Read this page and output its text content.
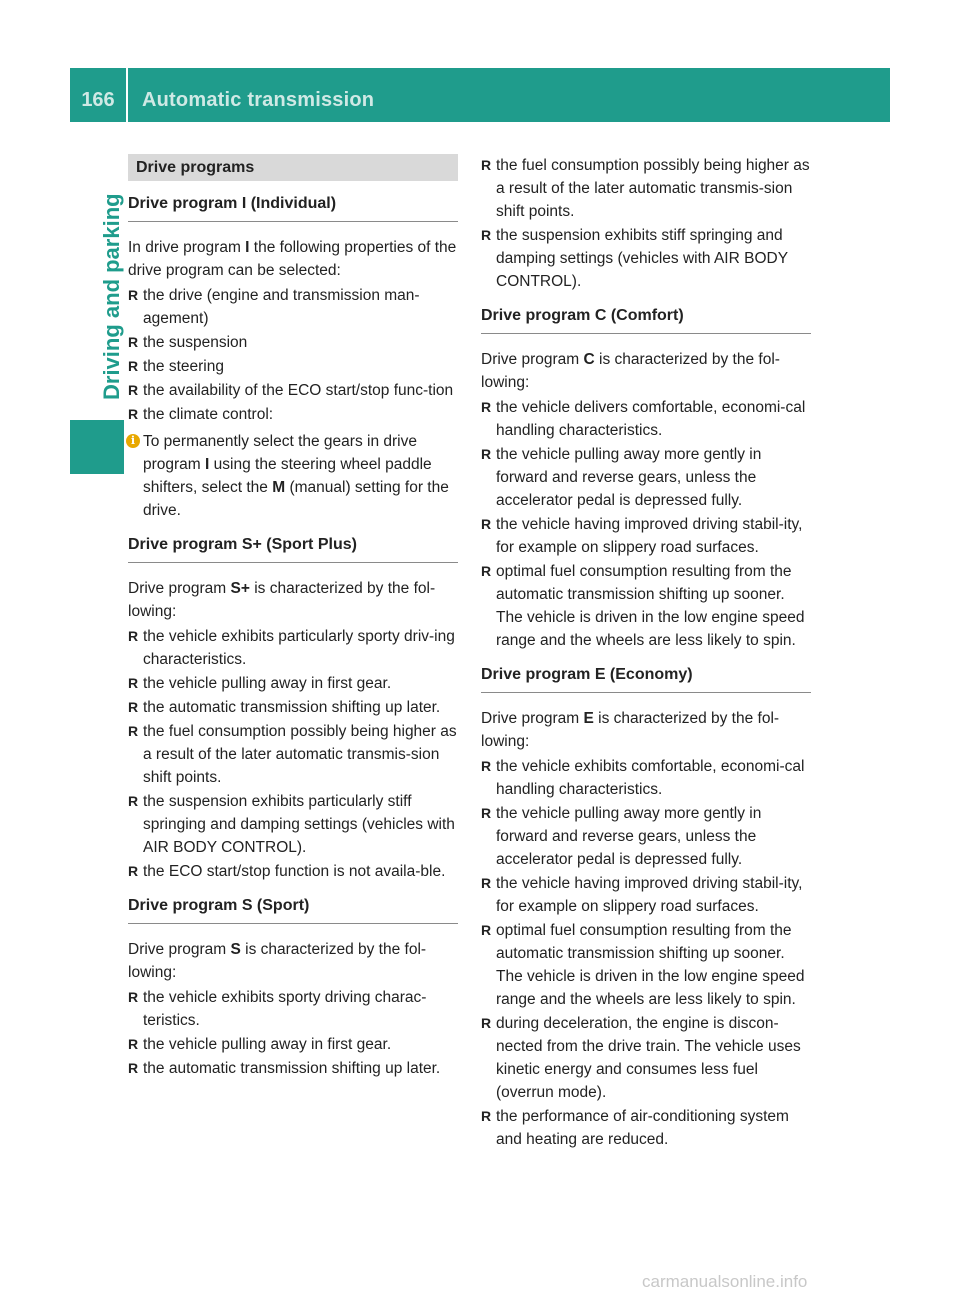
166	Automatic transmission
Driving and parking
Drive programs
Drive program I (Individual)

In drive program I the following properties of the drive program can be selected:

R the drive (engine and transmission man-agement)
R the suspension
R the steering
R the availability of the ECO start/stop func-tion
R the climate control:
i To permanently select the gears in drive program I using the steering wheel paddle shifters, select the M (manual) setting for the drive.
Drive program S+ (Sport Plus)

Drive program S+ is characterized by the fol-lowing:

R the vehicle exhibits particularly sporty driv-ing characteristics.
R the vehicle pulling away in first gear.
R the automatic transmission shifting up later.
R the fuel consumption possibly being higher as a result of the later automatic transmis-sion shift points.
R the suspension exhibits particularly stiff springing and damping settings (vehicles with AIR BODY CONTROL).
R the ECO start/stop function is not availa-ble.
Drive program S (Sport)

Drive program S is characterized by the fol-lowing:

R the vehicle exhibits sporty driving charac-teristics.
R the vehicle pulling away in first gear.
R the automatic transmission shifting up later.
R the fuel consumption possibly being higher as a result of the later automatic transmis-sion shift points.
R the suspension exhibits stiff springing and damping settings (vehicles with AIR BODY CONTROL).
Drive program C (Comfort)

Drive program C is characterized by the fol-lowing:

R the vehicle delivers comfortable, economi-cal handling characteristics.
R the vehicle pulling away more gently in forward and reverse gears, unless the accelerator pedal is depressed fully.
R the vehicle having improved driving stabil-ity, for example on slippery road surfaces.
R optimal fuel consumption resulting from the automatic transmission shifting up sooner. The vehicle is driven in the low engine speed range and the wheels are less likely to spin.
Drive program E (Economy)

Drive program E is characterized by the fol-lowing:

R the vehicle exhibits comfortable, economi-cal handling characteristics.
R the vehicle pulling away more gently in forward and reverse gears, unless the accelerator pedal is depressed fully.
R the vehicle having improved driving stabil-ity, for example on slippery road surfaces.
R optimal fuel consumption resulting from the automatic transmission shifting up sooner. The vehicle is driven in the low engine speed range and the wheels are less likely to spin.
R during deceleration, the engine is discon-nected from the drive train. The vehicle uses kinetic energy and consumes less fuel (overrun mode).
R the performance of air-conditioning system and heating are reduced.
carmanualsonline.info
